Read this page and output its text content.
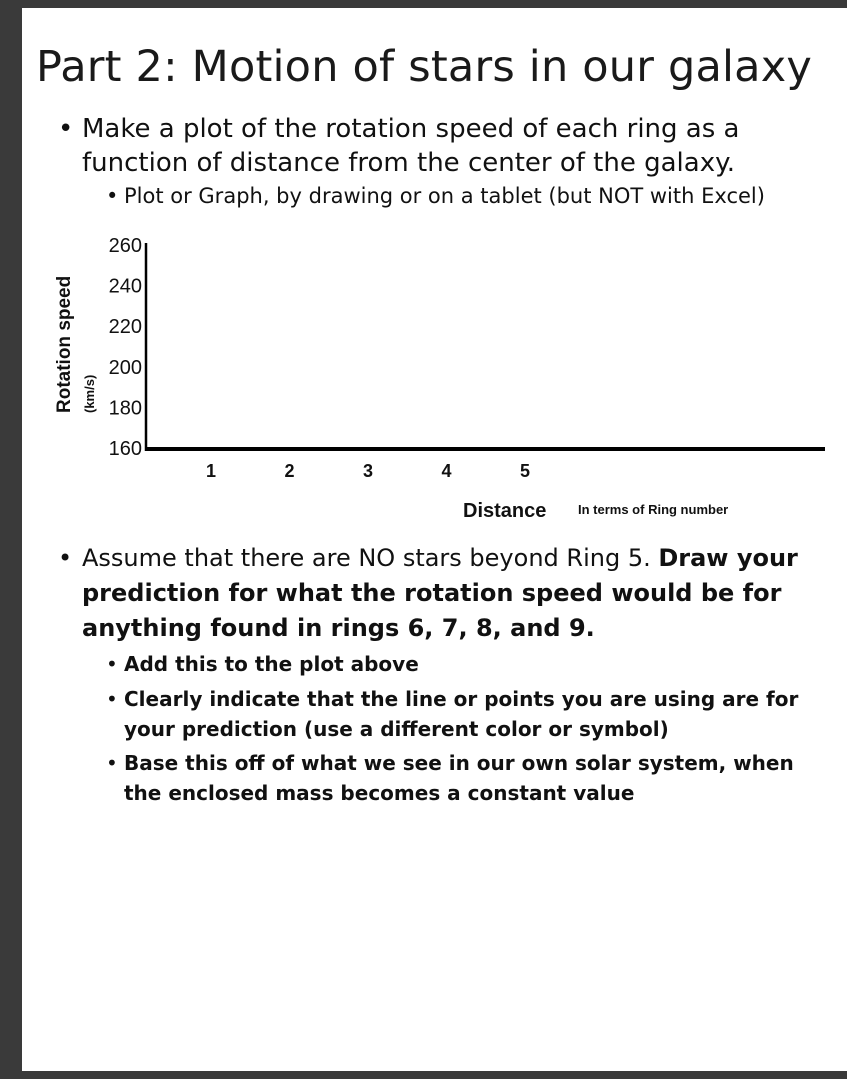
Part 2: Motion of stars in our galaxy
• Make a plot of the rotation speed of each ring as a function of distance from the center of the galaxy.
• Plot or Graph, by drawing or on a tablet (but NOT with Excel)
160
180
200
220
240
260
1	2	3	4	5
Rotation speed (km/s)
Distance In terms of Ring number
• Assume that there are NO stars beyond Ring 5. Draw your prediction for what the rotation speed would be for anything found in rings 6, 7, 8, and 9.
• Add this to the plot above
• Clearly indicate that the line or points you are using are for your prediction (use a different color or symbol)
• Base this off of what we see in our own solar system, when the enclosed mass becomes a constant value
